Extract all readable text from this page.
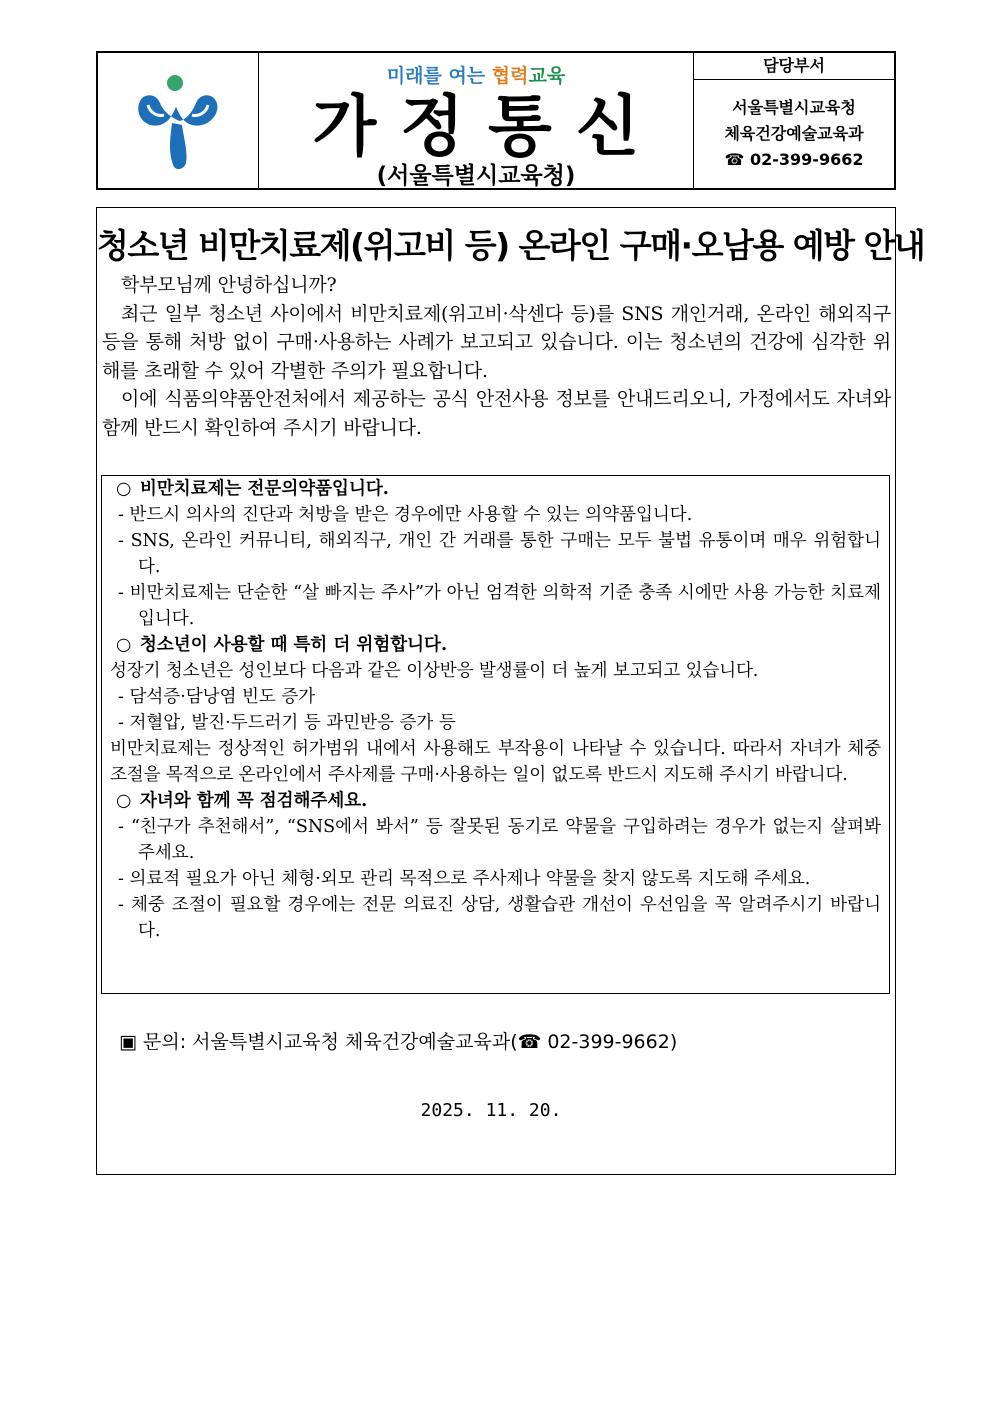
미래를 여는 협력교육
가정통신
(서울특별시교육청)
담당부서
서울특별시교육청
체육건강예술교육과
☎ 02-399-9662
청소년 비만치료제(위고비 등) 온라인 구매·오남용 예방 안내

학부모님께 안녕하십니까?

최근 일부 청소년 사이에서 비만치료제(위고비·삭센다 등)를 SNS 개인거래, 온라인 해외직구 등을 통해 처방 없이 구매·사용하는 사례가 보고되고 있습니다. 이는 청소년의 건강에 심각한 위해를 초래할 수 있어 각별한 주의가 필요합니다.

이에 식품의약품안전처에서 제공하는 공식 안전사용 정보를 안내드리오니, 가정에서도 자녀와 함께 반드시 확인하여 주시기 바랍니다.

○ 비만치료제는 전문의약품입니다.

- 반드시 의사의 진단과 처방을 받은 경우에만 사용할 수 있는 의약품입니다.

- SNS, 온라인 커뮤니티, 해외직구, 개인 간 거래를 통한 구매는 모두 불법 유통이며 매우 위험합니다.

- 비만치료제는 단순한 “살 빠지는 주사”가 아닌 엄격한 의학적 기준 충족 시에만 사용 가능한 치료제입니다.

○ 청소년이 사용할 때 특히 더 위험합니다.

성장기 청소년은 성인보다 다음과 같은 이상반응 발생률이 더 높게 보고되고 있습니다.

- 담석증·담낭염 빈도 증가

- 저혈압, 발진·두드러기 등 과민반응 증가 등

비만치료제는 정상적인 허가범위 내에서 사용해도 부작용이 나타날 수 있습니다. 따라서 자녀가 체중 조절을 목적으로 온라인에서 주사제를 구매·사용하는 일이 없도록 반드시 지도해 주시기 바랍니다.

○ 자녀와 함께 꼭 점검해주세요.

- “친구가 추천해서”, “SNS에서 봐서” 등 잘못된 동기로 약물을 구입하려는 경우가 없는지 살펴봐 주세요.

- 의료적 필요가 아닌 체형·외모 관리 목적으로 주사제나 약물을 찾지 않도록 지도해 주세요.

- 체중 조절이 필요할 경우에는 전문 의료진 상담, 생활습관 개선이 우선임을 꼭 알려주시기 바랍니다.

▣ 문의: 서울특별시교육청 체육건강예술교육과(☎ 02-399-9662)
2025. 11. 20.
